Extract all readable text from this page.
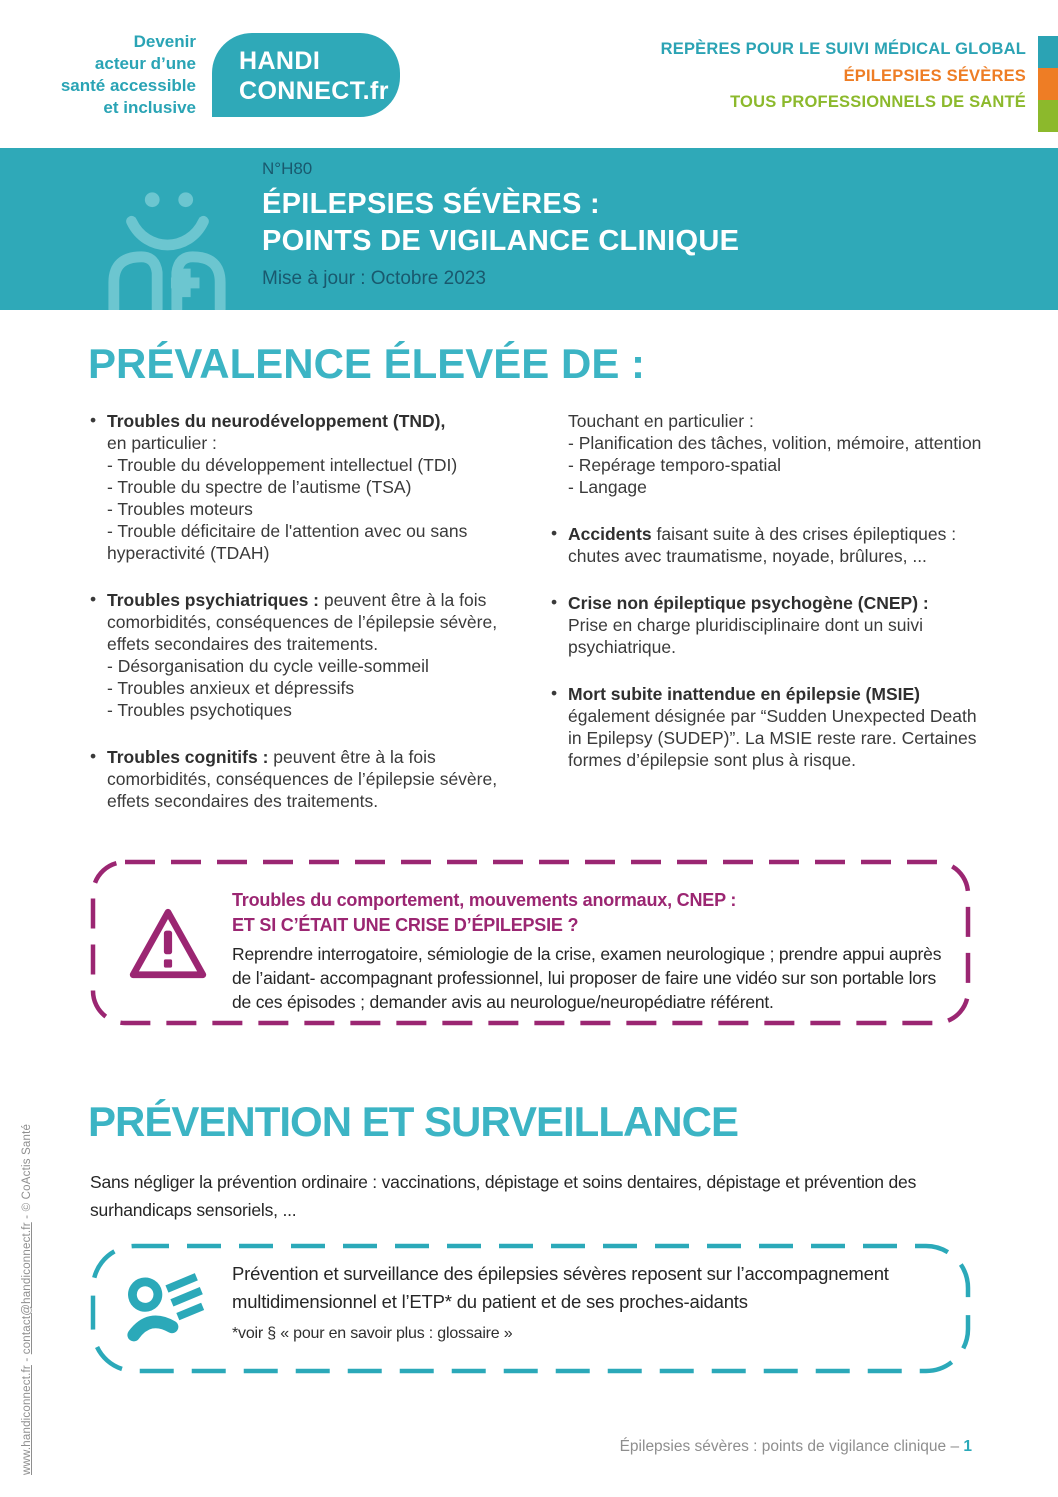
Devenir
acteur d’une
santé accessible
et inclusive
HANDI
CONNECT.fr
REPÈRES POUR LE SUIVI MÉDICAL GLOBAL
ÉPILEPSIES SÉVÈRES
TOUS PROFESSIONNELS DE SANTÉ
N°H80
ÉPILEPSIES SÉVÈRES :
POINTS DE VIGILANCE CLINIQUE
Mise à jour : Octobre 2023
PRÉVALENCE ÉLEVÉE DE :
• Troubles du neurodéveloppement (TND),
en particulier :
- Trouble du développement intellectuel (TDI)
- Trouble du spectre de l’autisme (TSA)
- Troubles moteurs
- Trouble déficitaire de l'attention avec ou sans hyperactivité (TDAH)
• Troubles psychiatriques : peuvent être à la fois comorbidités, conséquences de l’épilepsie sévère, effets secondaires des traitements.
- Désorganisation du cycle veille-sommeil
- Troubles anxieux et dépressifs
- Troubles psychotiques
• Troubles cognitifs : peuvent être à la fois comorbidités, conséquences de l’épilepsie sévère, effets secondaires des traitements.
Touchant en particulier :
- Planification des tâches, volition, mémoire, attention
- Repérage temporo-spatial
- Langage
• Accidents faisant suite à des crises épileptiques : chutes avec traumatisme, noyade, brûlures, ...
• Crise non épileptique psychogène (CNEP) :
Prise en charge pluridisciplinaire dont un suivi psychiatrique.
• Mort subite inattendue en épilepsie (MSIE)
également désignée par “Sudden Unexpected Death in Epilepsy (SUDEP)”. La MSIE reste rare. Certaines formes d’épilepsie sont plus à risque.
Troubles du comportement, mouvements anormaux, CNEP :
ET SI C’ÉTAIT UNE CRISE D’ÉPILEPSIE ?
Reprendre interrogatoire, sémiologie de la crise, examen neurologique ; prendre appui auprès de l’aidant- accompagnant professionnel, lui proposer de faire une vidéo sur son portable lors de ces épisodes ; demander avis au neurologue/neuropédiatre référent.
PRÉVENTION ET SURVEILLANCE
Sans négliger la prévention ordinaire : vaccinations, dépistage et soins dentaires, dépistage et prévention des surhandicaps sensoriels, ...
Prévention et surveillance des épilepsies sévères reposent sur l’accompagnement multidimensionnel et l’ETP* du patient et de ses proches-aidants
*voir § « pour en savoir plus : glossaire »
Épilepsies sévères : points de vigilance clinique – 1
www.handiconnect.fr - contact@handiconnect.fr - © CoActis Santé
